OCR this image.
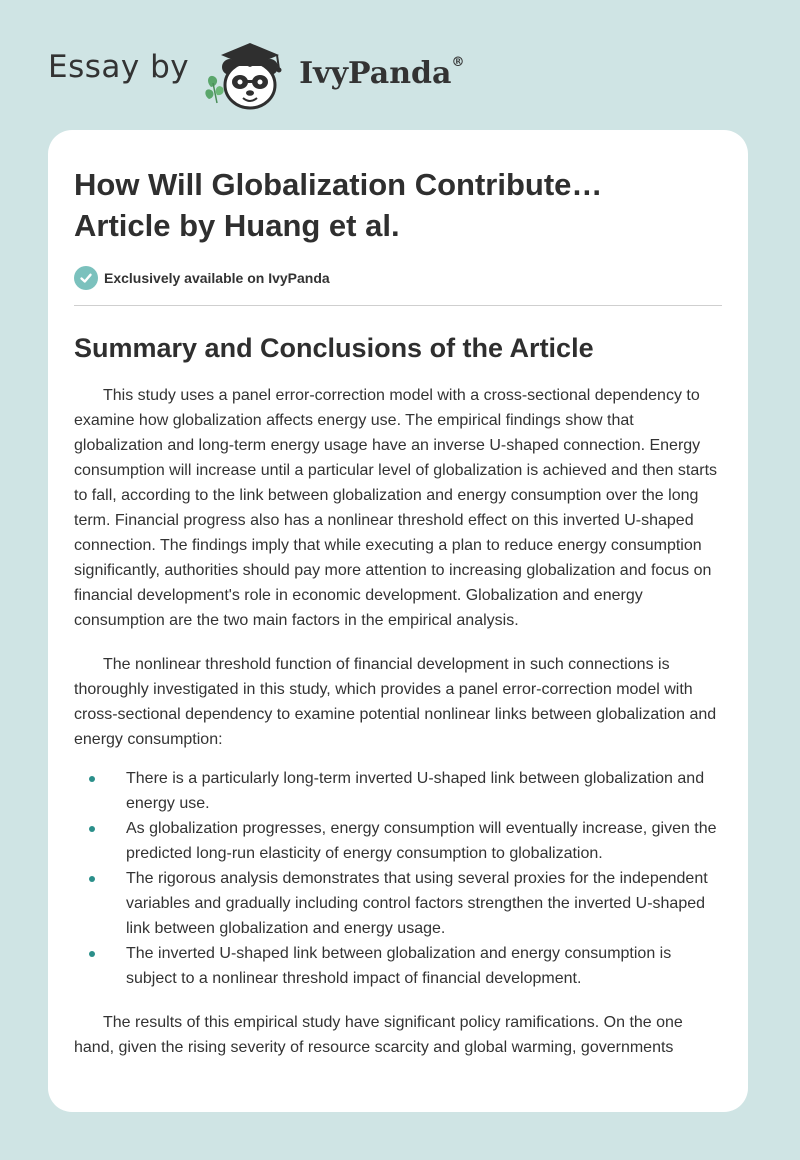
Essay by	IvyPanda®
How Will Globalization Contribute…
Article by Huang et al.
Exclusively available on IvyPanda
Summary and Conclusions of the Article

This study uses a panel error-correction model with a cross-sectional dependency to examine how globalization affects energy use. The empirical findings show that globalization and long-term energy usage have an inverse U-shaped connection. Energy consumption will increase until a particular level of globalization is achieved and then starts to fall, according to the link between globalization and energy consumption over the long term. Financial progress also has a nonlinear threshold effect on this inverted U-shaped connection. The findings imply that while executing a plan to reduce energy consumption significantly, authorities should pay more attention to increasing globalization and focus on financial development's role in economic development. Globalization and energy consumption are the two main factors in the empirical analysis.

The nonlinear threshold function of financial development in such connections is thoroughly investigated in this study, which provides a panel error-correction model with cross-sectional dependency to examine potential nonlinear links between globalization and energy consumption:

There is a particularly long-term inverted U-shaped link between globalization and energy use.
As globalization progresses, energy consumption will eventually increase, given the predicted long-run elasticity of energy consumption to globalization.
The rigorous analysis demonstrates that using several proxies for the independent variables and gradually including control factors strengthen the inverted U-shaped link between globalization and energy usage.
The inverted U-shaped link between globalization and energy consumption is subject to a nonlinear threshold impact of financial development.

The results of this empirical study have significant policy ramifications. On the one hand, given the rising severity of resource scarcity and global warming, governments
